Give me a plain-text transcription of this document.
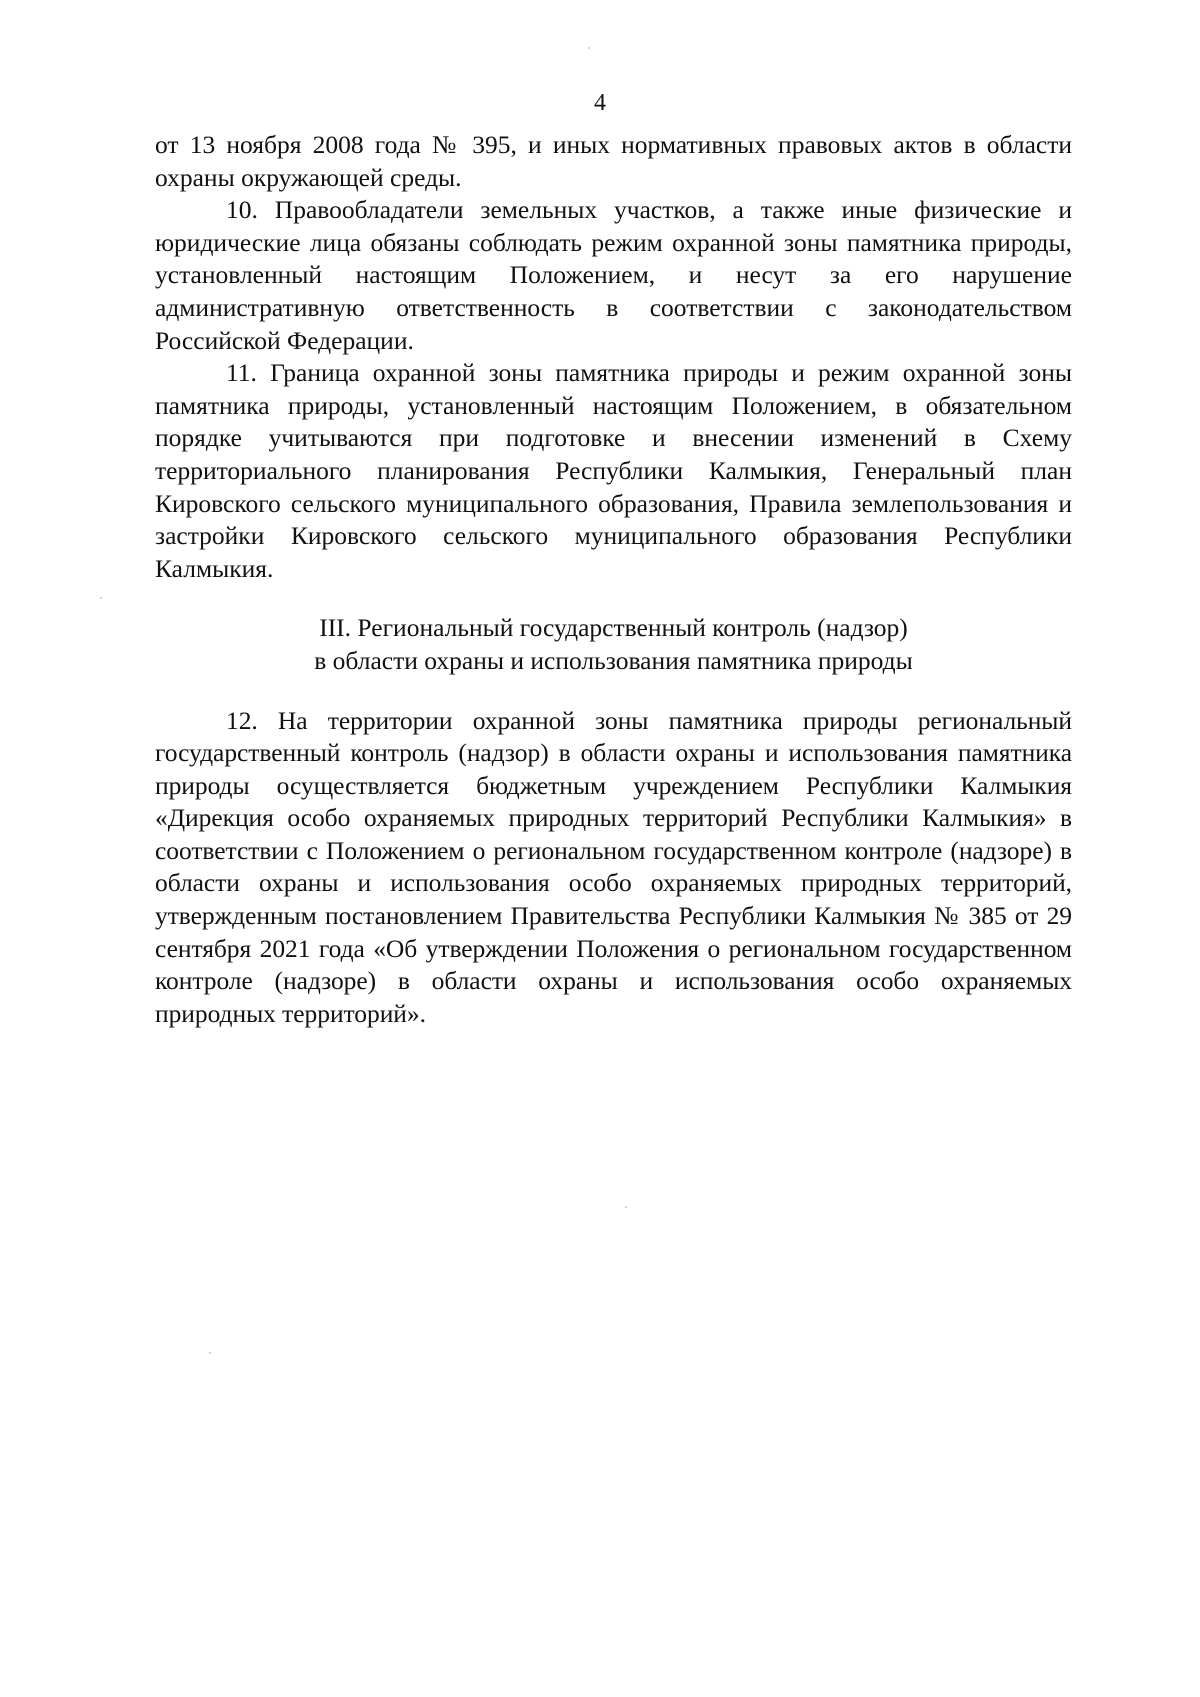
4

от 13 ноября 2008 года № 395, и иных нормативных правовых актов в области охраны окружающей среды.

10. Правообладатели земельных участков, а также иные физические и юридические лица обязаны соблюдать режим охранной зоны памятника природы, установленный настоящим Положением, и несут за его нарушение административную ответственность в соответствии с законодательством Российской Федерации.

11. Граница охранной зоны памятника природы и режим охранной зоны памятника природы, установленный настоящим Положением, в обязательном порядке учитываются при подготовке и внесении изменений в Схему территориального планирования Республики Калмыкия, Генеральный план Кировского сельского муниципального образования, Правила землепользования и застройки Кировского сельского муниципального образования Республики Калмыкия.

III. Региональный государственный контроль (надзор)
в области охраны и использования памятника природы

12. На территории охранной зоны памятника природы региональный государственный контроль (надзор) в области охраны и использования памятника природы осуществляется бюджетным учреждением Республики Калмыкия «Дирекция особо охраняемых природных территорий Республики Калмыкия» в соответствии с Положением о региональном государственном контроле (надзоре) в области охраны и использования особо охраняемых природных территорий, утвержденным постановлением Правительства Республики Калмыкия № 385 от 29 сентября 2021 года «Об утверждении Положения о региональном государственном контроле (надзоре) в области охраны и использования особо охраняемых природных территорий».
